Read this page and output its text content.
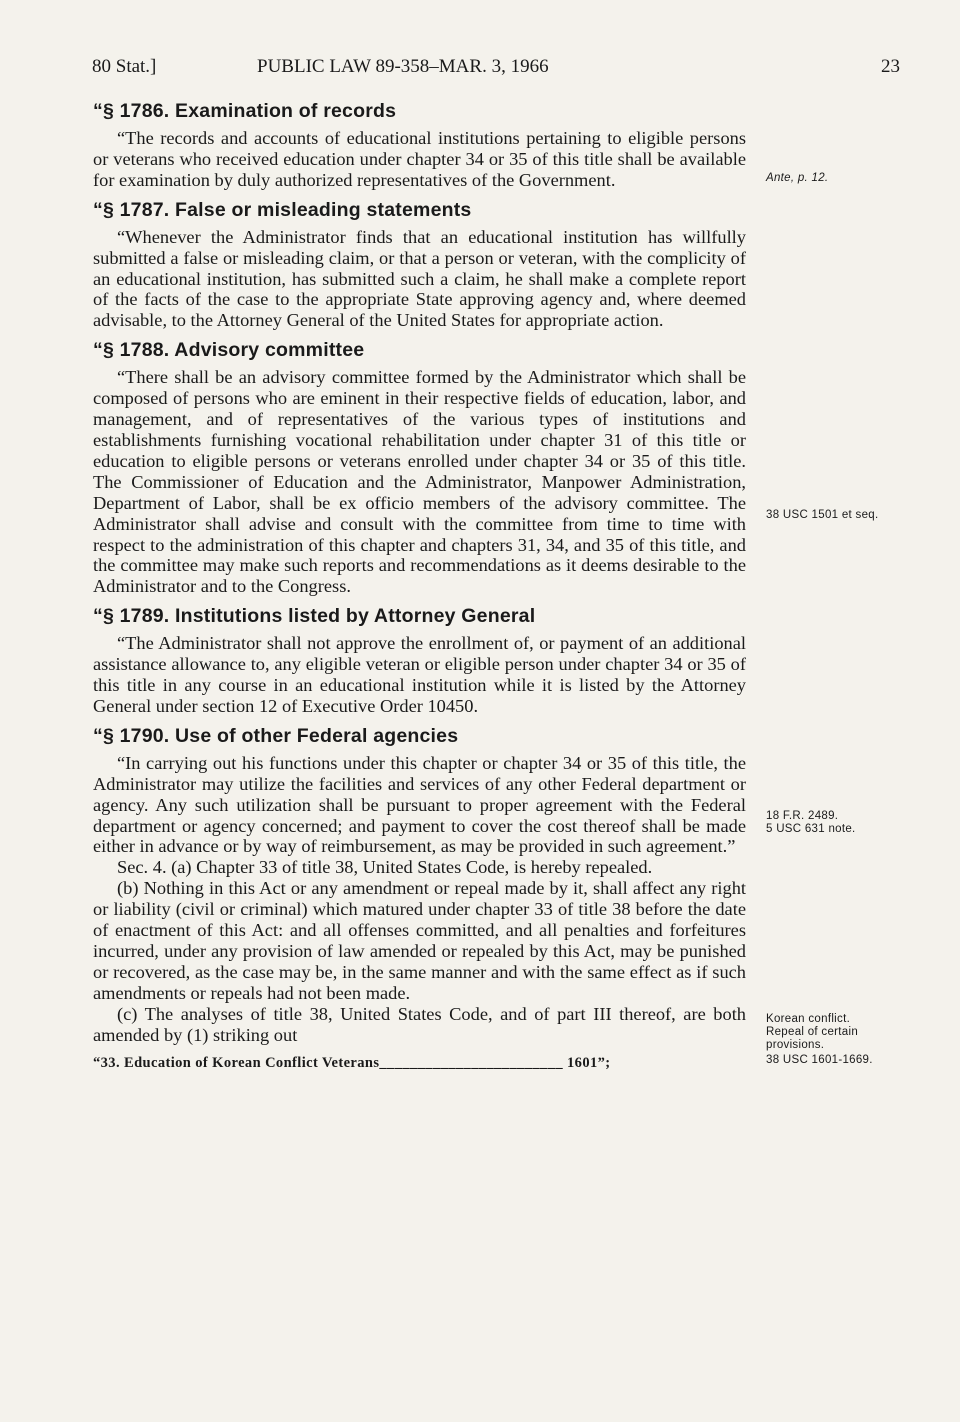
80 Stat.]	PUBLIC LAW 89-358–MAR. 3, 1966	23
“§ 1786. Examination of records

“The records and accounts of educational institutions pertaining to eligible persons or veterans who received education under chapter 34 or 35 of this title shall be available for examination by duly authorized representatives of the Government.

“§ 1787. False or misleading statements

“Whenever the Administrator finds that an educational institution has willfully submitted a false or misleading claim, or that a person or veteran, with the complicity of an educational institution, has submitted such a claim, he shall make a complete report of the facts of the case to the appropriate State approving agency and, where deemed advisable, to the Attorney General of the United States for appropriate action.

“§ 1788. Advisory committee

“There shall be an advisory committee formed by the Administrator which shall be composed of persons who are eminent in their respective fields of education, labor, and management, and of representatives of the various types of institutions and establishments furnishing vocational rehabilitation under chapter 31 of this title or education to eligible persons or veterans enrolled under chapter 34 or 35 of this title. The Commissioner of Education and the Administrator, Manpower Administration, Department of Labor, shall be ex officio members of the advisory committee. The Administrator shall advise and consult with the committee from time to time with respect to the administration of this chapter and chapters 31, 34, and 35 of this title, and the committee may make such reports and recommendations as it deems desirable to the Administrator and to the Congress.

“§ 1789. Institutions listed by Attorney General

“The Administrator shall not approve the enrollment of, or payment of an additional assistance allowance to, any eligible veteran or eligible person under chapter 34 or 35 of this title in any course in an educational institution while it is listed by the Attorney General under section 12 of Executive Order 10450.

“§ 1790. Use of other Federal agencies

“In carrying out his functions under this chapter or chapter 34 or 35 of this title, the Administrator may utilize the facilities and services of any other Federal department or agency. Any such utilization shall be pursuant to proper agreement with the Federal department or agency concerned; and payment to cover the cost thereof shall be made either in advance or by way of reimbursement, as may be provided in such agreement.”

Sec. 4. (a) Chapter 33 of title 38, United States Code, is hereby repealed.

(b) Nothing in this Act or any amendment or repeal made by it, shall affect any right or liability (civil or criminal) which matured under chapter 33 of title 38 before the date of enactment of this Act: and all offenses committed, and all penalties and forfeitures incurred, under any provision of law amended or repealed by this Act, may be punished or recovered, as the case may be, in the same manner and with the same effect as if such amendments or repeals had not been made.

(c) The analyses of title 38, United States Code, and of part III thereof, are both amended by (1) striking out

“33. Education of Korean Conflict Veterans________________________ 1601”;
Ante, p. 12.
38 USC 1501 et seq.
18 F.R. 2489.
5 USC 631 note.
Korean conflict.
Repeal of certain provisions.
38 USC 1601-1669.
